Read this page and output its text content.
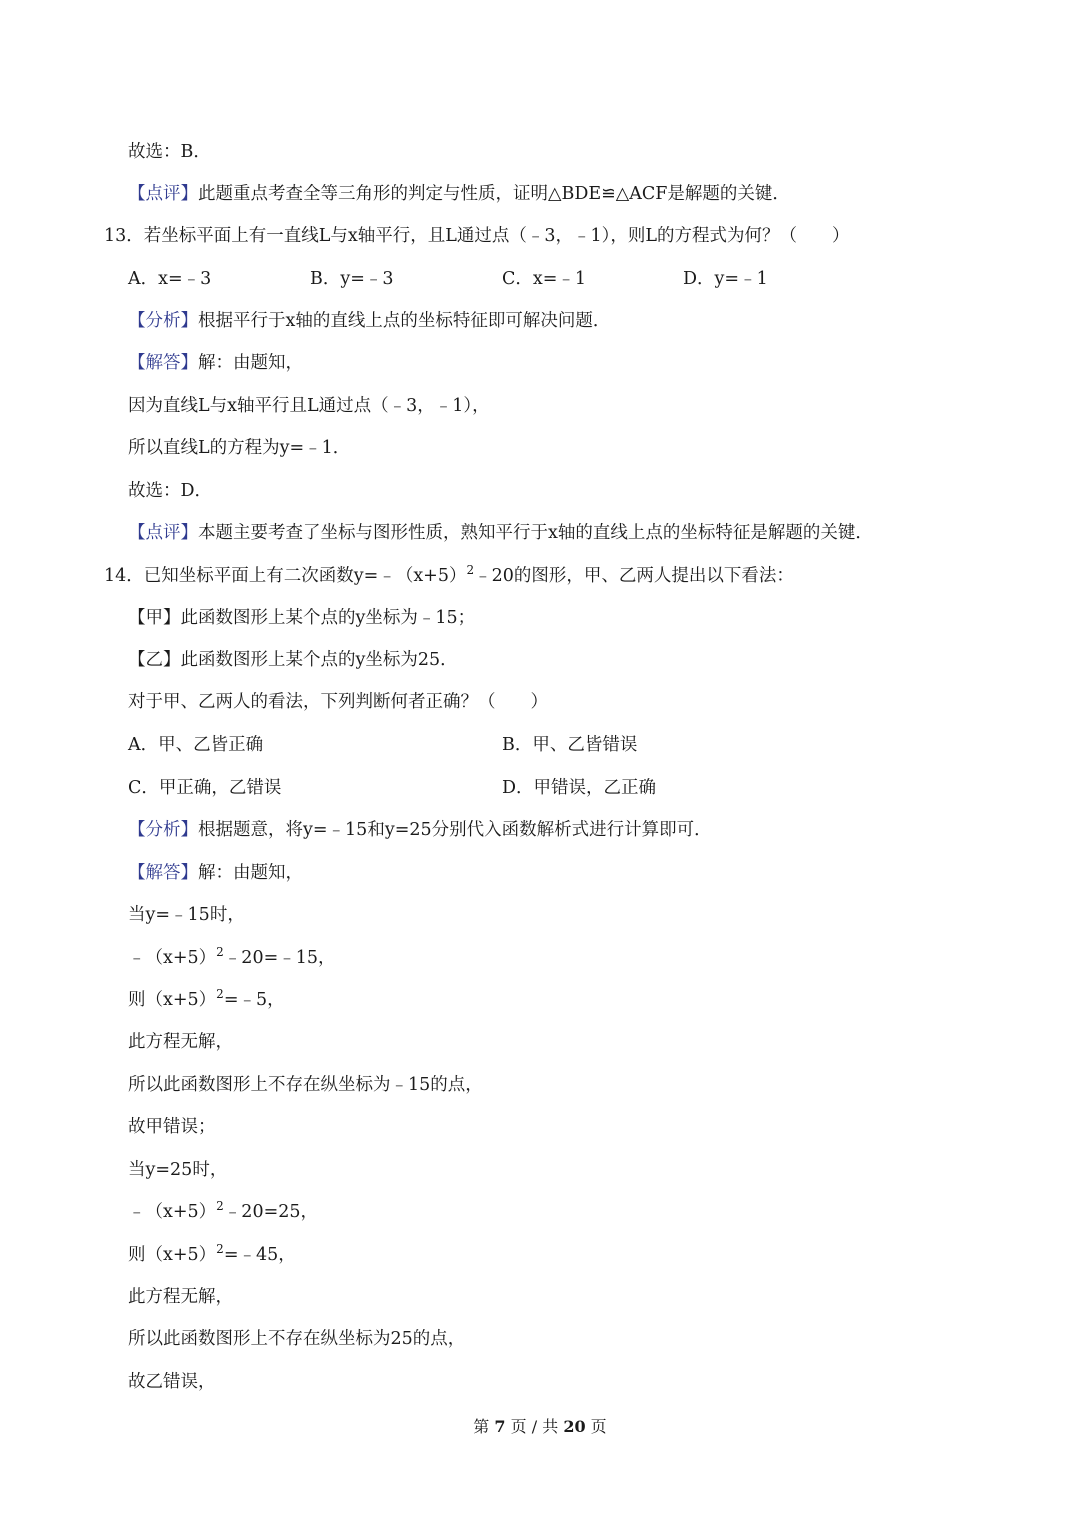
故选：B．
【点评】此题重点考查全等三角形的判定与性质，证明△BDE≌△ACF是解题的关键．
13．若坐标平面上有一直线L与x轴平行，且L通过点（﹣3，﹣1），则L的方程式为何？（　　）
A．x=﹣3	B．y=﹣3	C．x=﹣1	D．y=﹣1
【分析】根据平行于x轴的直线上点的坐标特征即可解决问题．
【解答】解：由题知，
因为直线L与x轴平行且L通过点（﹣3，﹣1），
所以直线L的方程为y=﹣1．
故选：D．
【点评】本题主要考查了坐标与图形性质，熟知平行于x轴的直线上点的坐标特征是解题的关键．
14．已知坐标平面上有二次函数$y=﹣(x+5)^2﹣20$的图形，甲、乙两人提出以下看法：
【甲】此函数图形上某个点的y坐标为﹣15；
【乙】此函数图形上某个点的y坐标为25．
对于甲、乙两人的看法，下列判断何者正确？（　　）
A．甲、乙皆正确	B．甲、乙皆错误
C．甲正确，乙错误	D．甲错误，乙正确
【分析】根据题意，将y=﹣15和y=25分别代入函数解析式进行计算即可．
【解答】解：由题知，
当y=﹣15时，
$﹣(x+5)^2﹣20=﹣15$，
则$(x+5)^2=﹣5$，
此方程无解，
所以此函数图形上不存在纵坐标为﹣15的点，
故甲错误；
当y=25时，
$﹣(x+5)^2﹣20=25$，
则$(x+5)^2=﹣45$，
此方程无解，
所以此函数图形上不存在纵坐标为25的点，
故乙错误，
第 7 页 / 共 20 页
